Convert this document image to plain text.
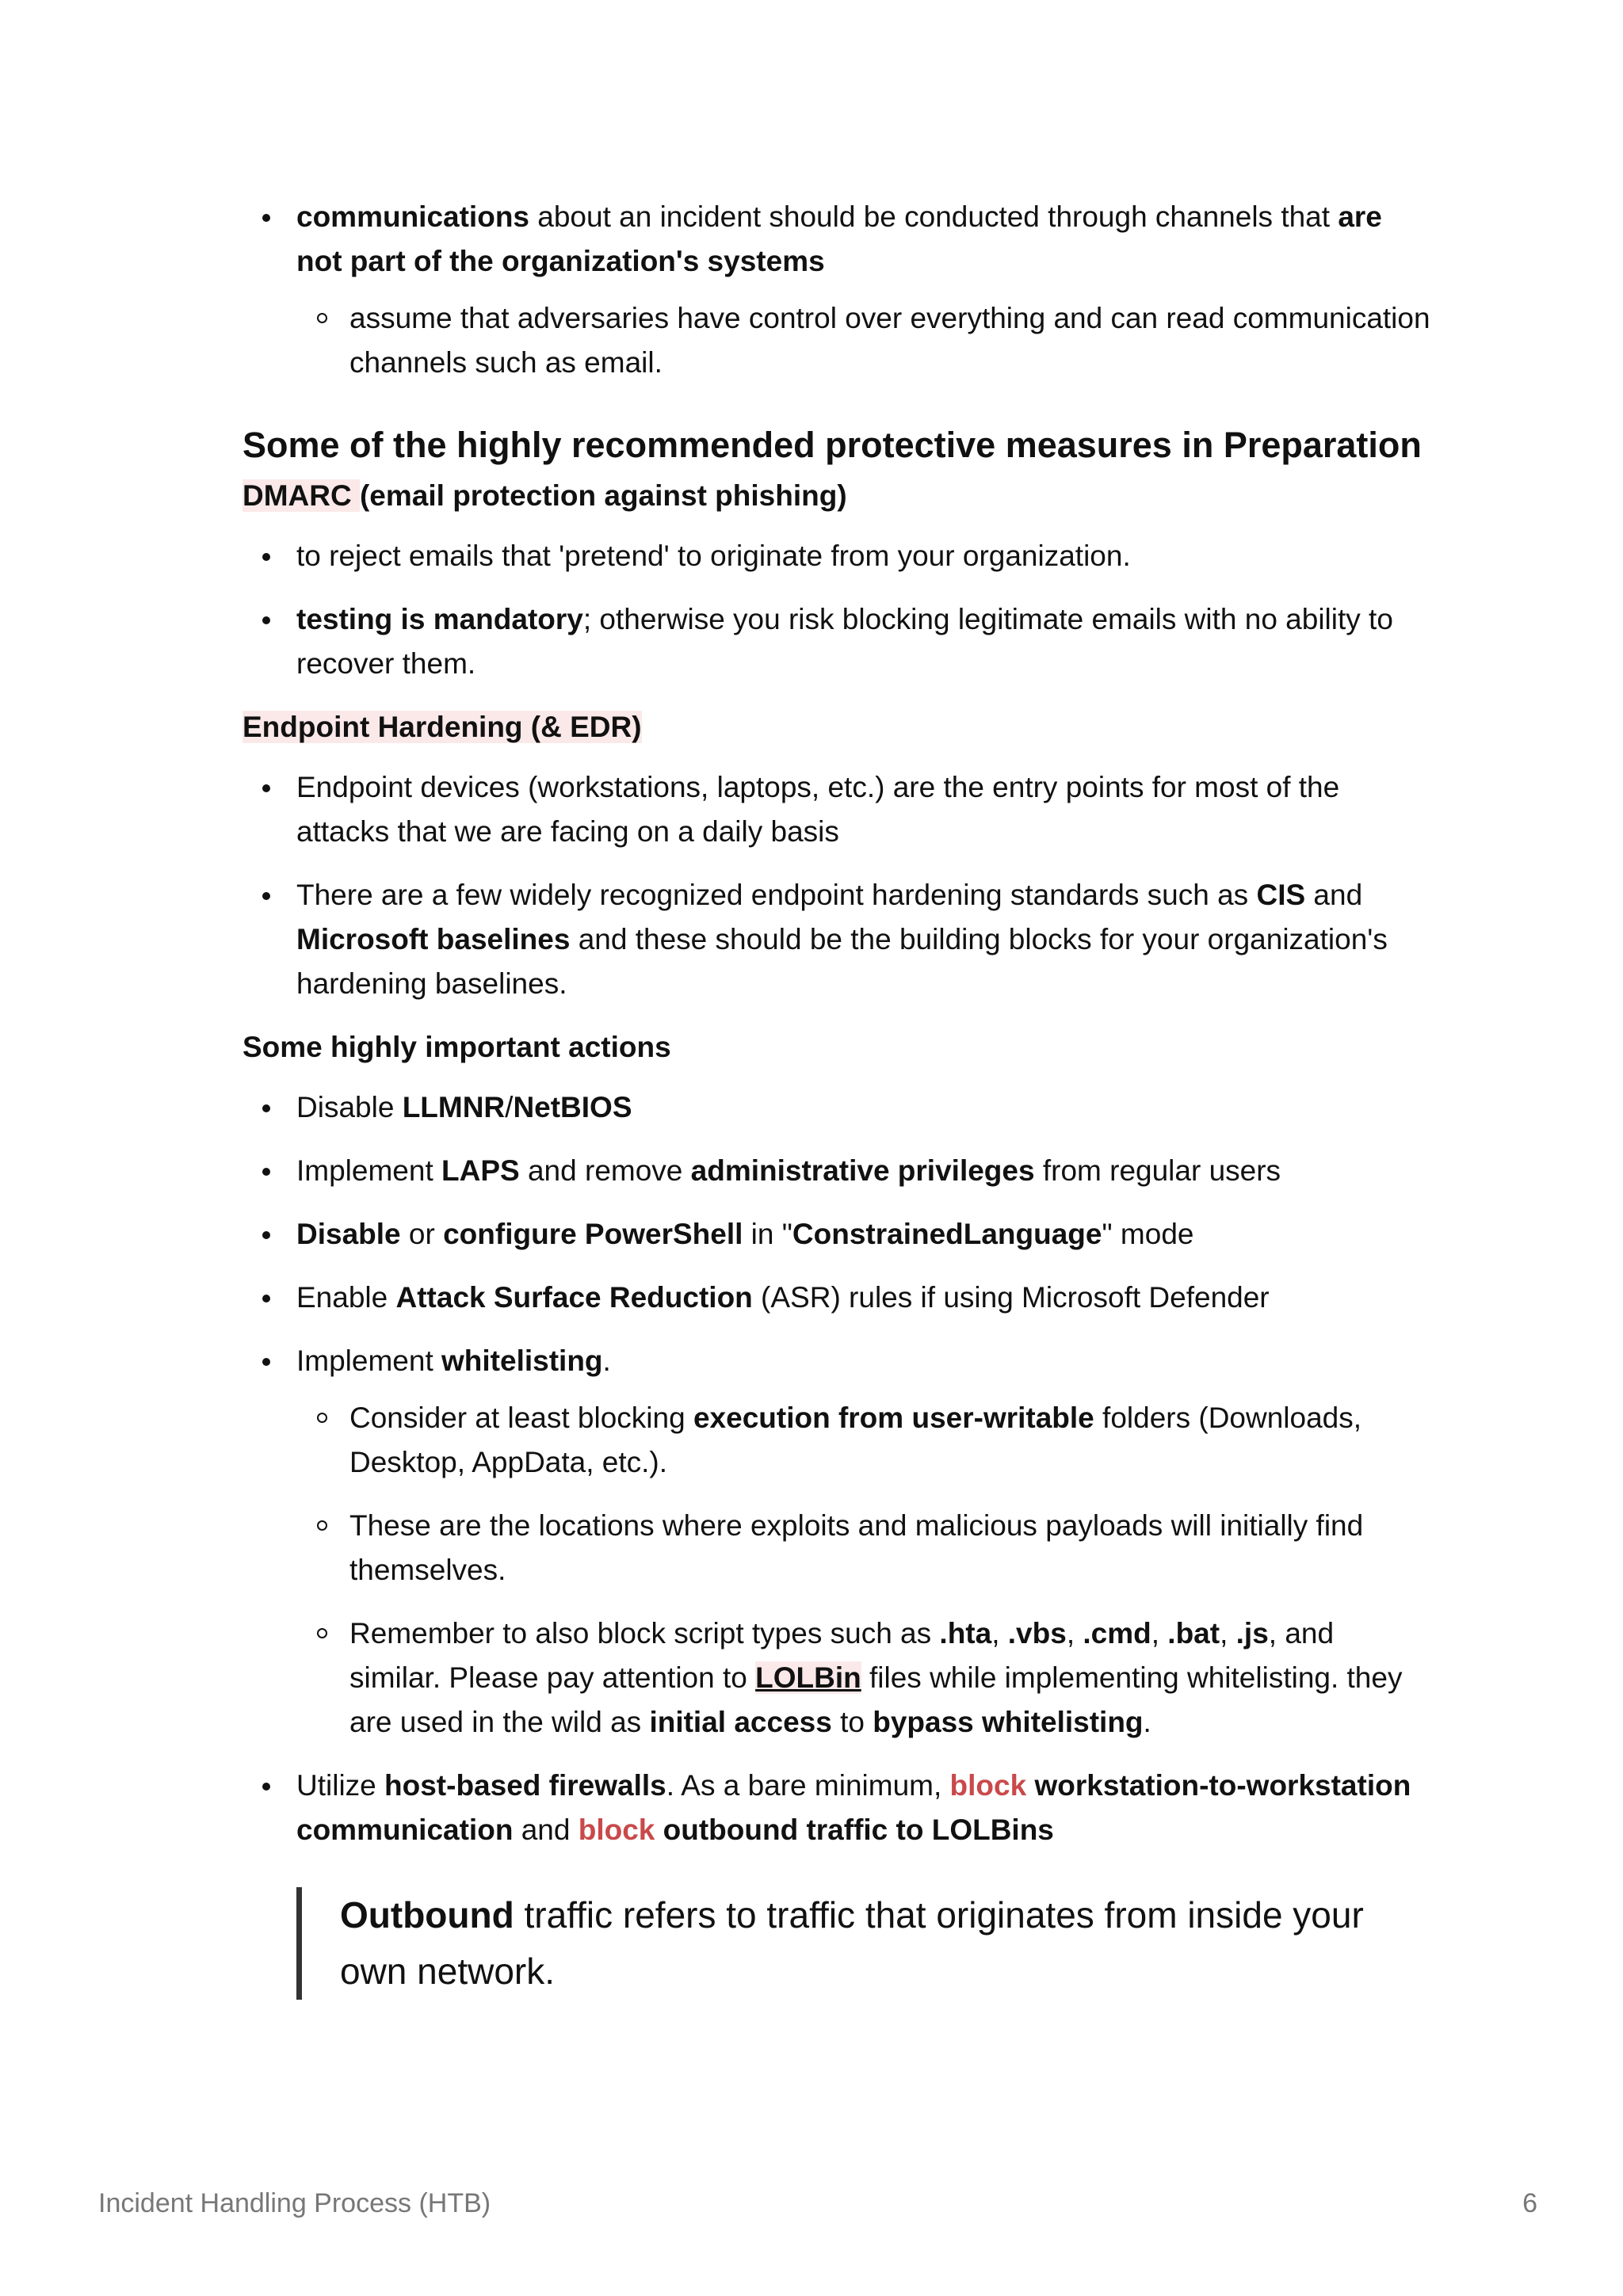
communications about an incident should be conducted through channels that are not part of the organization's systems
assume that adversaries have control over everything and can read communication channels such as email.
Some of the highly recommended protective measures in Preparation
DMARC (email protection against phishing)
to reject emails that 'pretend' to originate from your organization.
testing is mandatory; otherwise you risk blocking legitimate emails with no ability to recover them.
Endpoint Hardening (& EDR)
Endpoint devices (workstations, laptops, etc.) are the entry points for most of the attacks that we are facing on a daily basis
There are a few widely recognized endpoint hardening standards such as CIS and Microsoft baselines and these should be the building blocks for your organization's hardening baselines.
Some highly important actions
Disable LLMNR/NetBIOS
Implement LAPS and remove administrative privileges from regular users
Disable or configure PowerShell in "ConstrainedLanguage" mode
Enable Attack Surface Reduction (ASR) rules if using Microsoft Defender
Implement whitelisting.
Consider at least blocking execution from user-writable folders (Downloads, Desktop, AppData, etc.).
These are the locations where exploits and malicious payloads will initially find themselves.
Remember to also block script types such as .hta, .vbs, .cmd, .bat, .js, and similar. Please pay attention to LOLBin files while implementing whitelisting. they are used in the wild as initial access to bypass whitelisting.
Utilize host-based firewalls. As a bare minimum, block workstation-to-workstation communication and block outbound traffic to LOLBins
Outbound traffic refers to traffic that originates from inside your own network.
Incident Handling Process (HTB)	6
